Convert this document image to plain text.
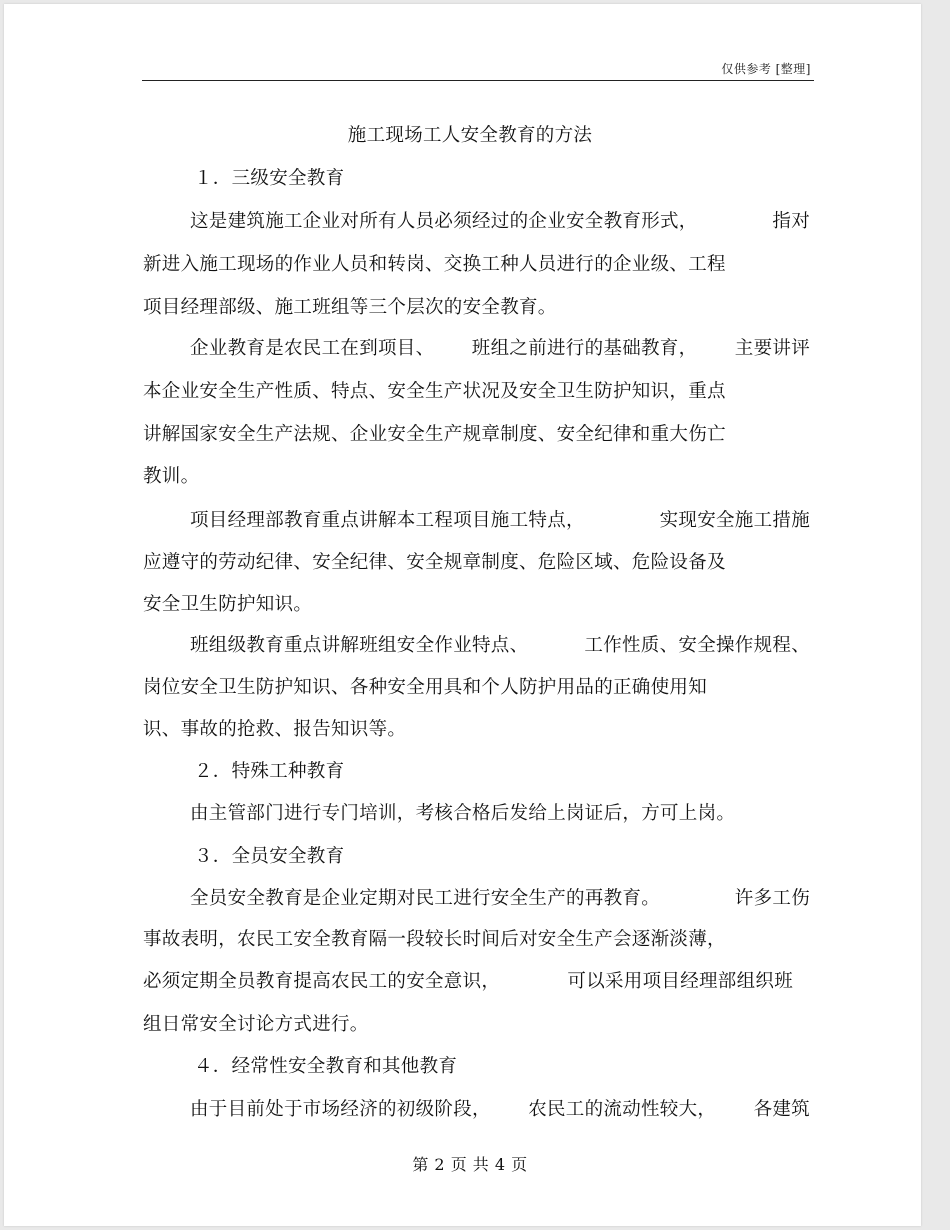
仅供参考 [整理]
施工现场工人安全教育的方法
１．三级安全教育
这是建筑施工企业对所有人员必须经过的企业安全教育形式，	指对
新进入施工现场的作业人员和转岗、交换工种人员进行的企业级、工程
项目经理部级、施工班组等三个层次的安全教育。
企业教育是农民工在到项目、 班组之前进行的基础教育， 主要讲评
本企业安全生产性质、特点、安全生产状况及安全卫生防护知识，重点
讲解国家安全生产法规、企业安全生产规章制度、安全纪律和重大伤亡
教训。
项目经理部教育重点讲解本工程项目施工特点，	实现安全施工措施
应遵守的劳动纪律、安全纪律、安全规章制度、危险区域、危险设备及
安全卫生防护知识。
班组级教育重点讲解班组安全作业特点、	工作性质、安全操作规程、
岗位安全卫生防护知识、各种安全用具和个人防护用品的正确使用知
识、事故的抢救、报告知识等。
２．特殊工种教育
由主管部门进行专门培训，考核合格后发给上岗证后，方可上岗。
３．全员安全教育
全员安全教育是企业定期对民工进行安全生产的再教育。	许多工伤
事故表明，农民工安全教育隔一段较长时间后对安全生产会逐渐淡薄，
必须定期全员教育提高农民工的安全意识，	可以采用项目经理部组织班
组日常安全讨论方式进行。
４．经常性安全教育和其他教育
由于目前处于市场经济的初级阶段， 农民工的流动性较大， 各建筑
第 2 页 共 4 页
